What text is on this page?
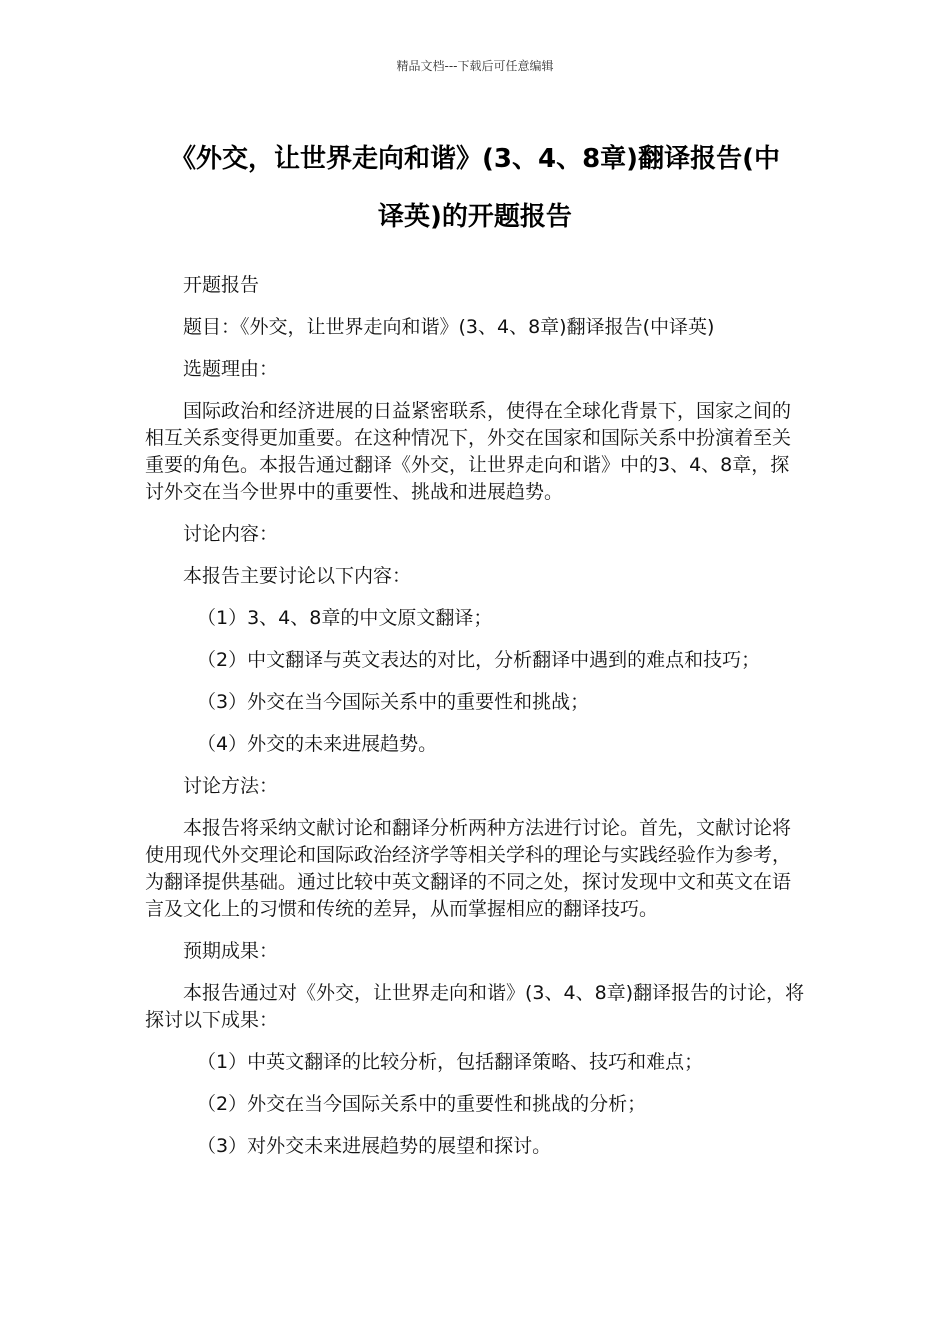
精品文档---下载后可任意编辑
《外交，让世界走向和谐》(3、4、8章)翻译报告(中
译英)的开题报告

开题报告

题目：《外交，让世界走向和谐》(3、4、8章)翻译报告(中译英)

选题理由：

国际政治和经济进展的日益紧密联系，使得在全球化背景下，国家之间的相互关系变得更加重要。在这种情况下，外交在国家和国际关系中扮演着至关重要的角色。本报告通过翻译《外交，让世界走向和谐》中的3、4、8章，探讨外交在当今世界中的重要性、挑战和进展趋势。

讨论内容：

本报告主要讨论以下内容：

（1）3、4、8章的中文原文翻译；

（2）中文翻译与英文表达的对比，分析翻译中遇到的难点和技巧；

（3）外交在当今国际关系中的重要性和挑战；

（4）外交的未来进展趋势。

讨论方法：

本报告将采纳文献讨论和翻译分析两种方法进行讨论。首先，文献讨论将使用现代外交理论和国际政治经济学等相关学科的理论与实践经验作为参考，为翻译提供基础。通过比较中英文翻译的不同之处，探讨发现中文和英文在语言及文化上的习惯和传统的差异，从而掌握相应的翻译技巧。

预期成果：

本报告通过对《外交，让世界走向和谐》(3、4、8章)翻译报告的讨论，将探讨以下成果：

（1）中英文翻译的比较分析，包括翻译策略、技巧和难点；

（2）外交在当今国际关系中的重要性和挑战的分析；

（3）对外交未来进展趋势的展望和探讨。
